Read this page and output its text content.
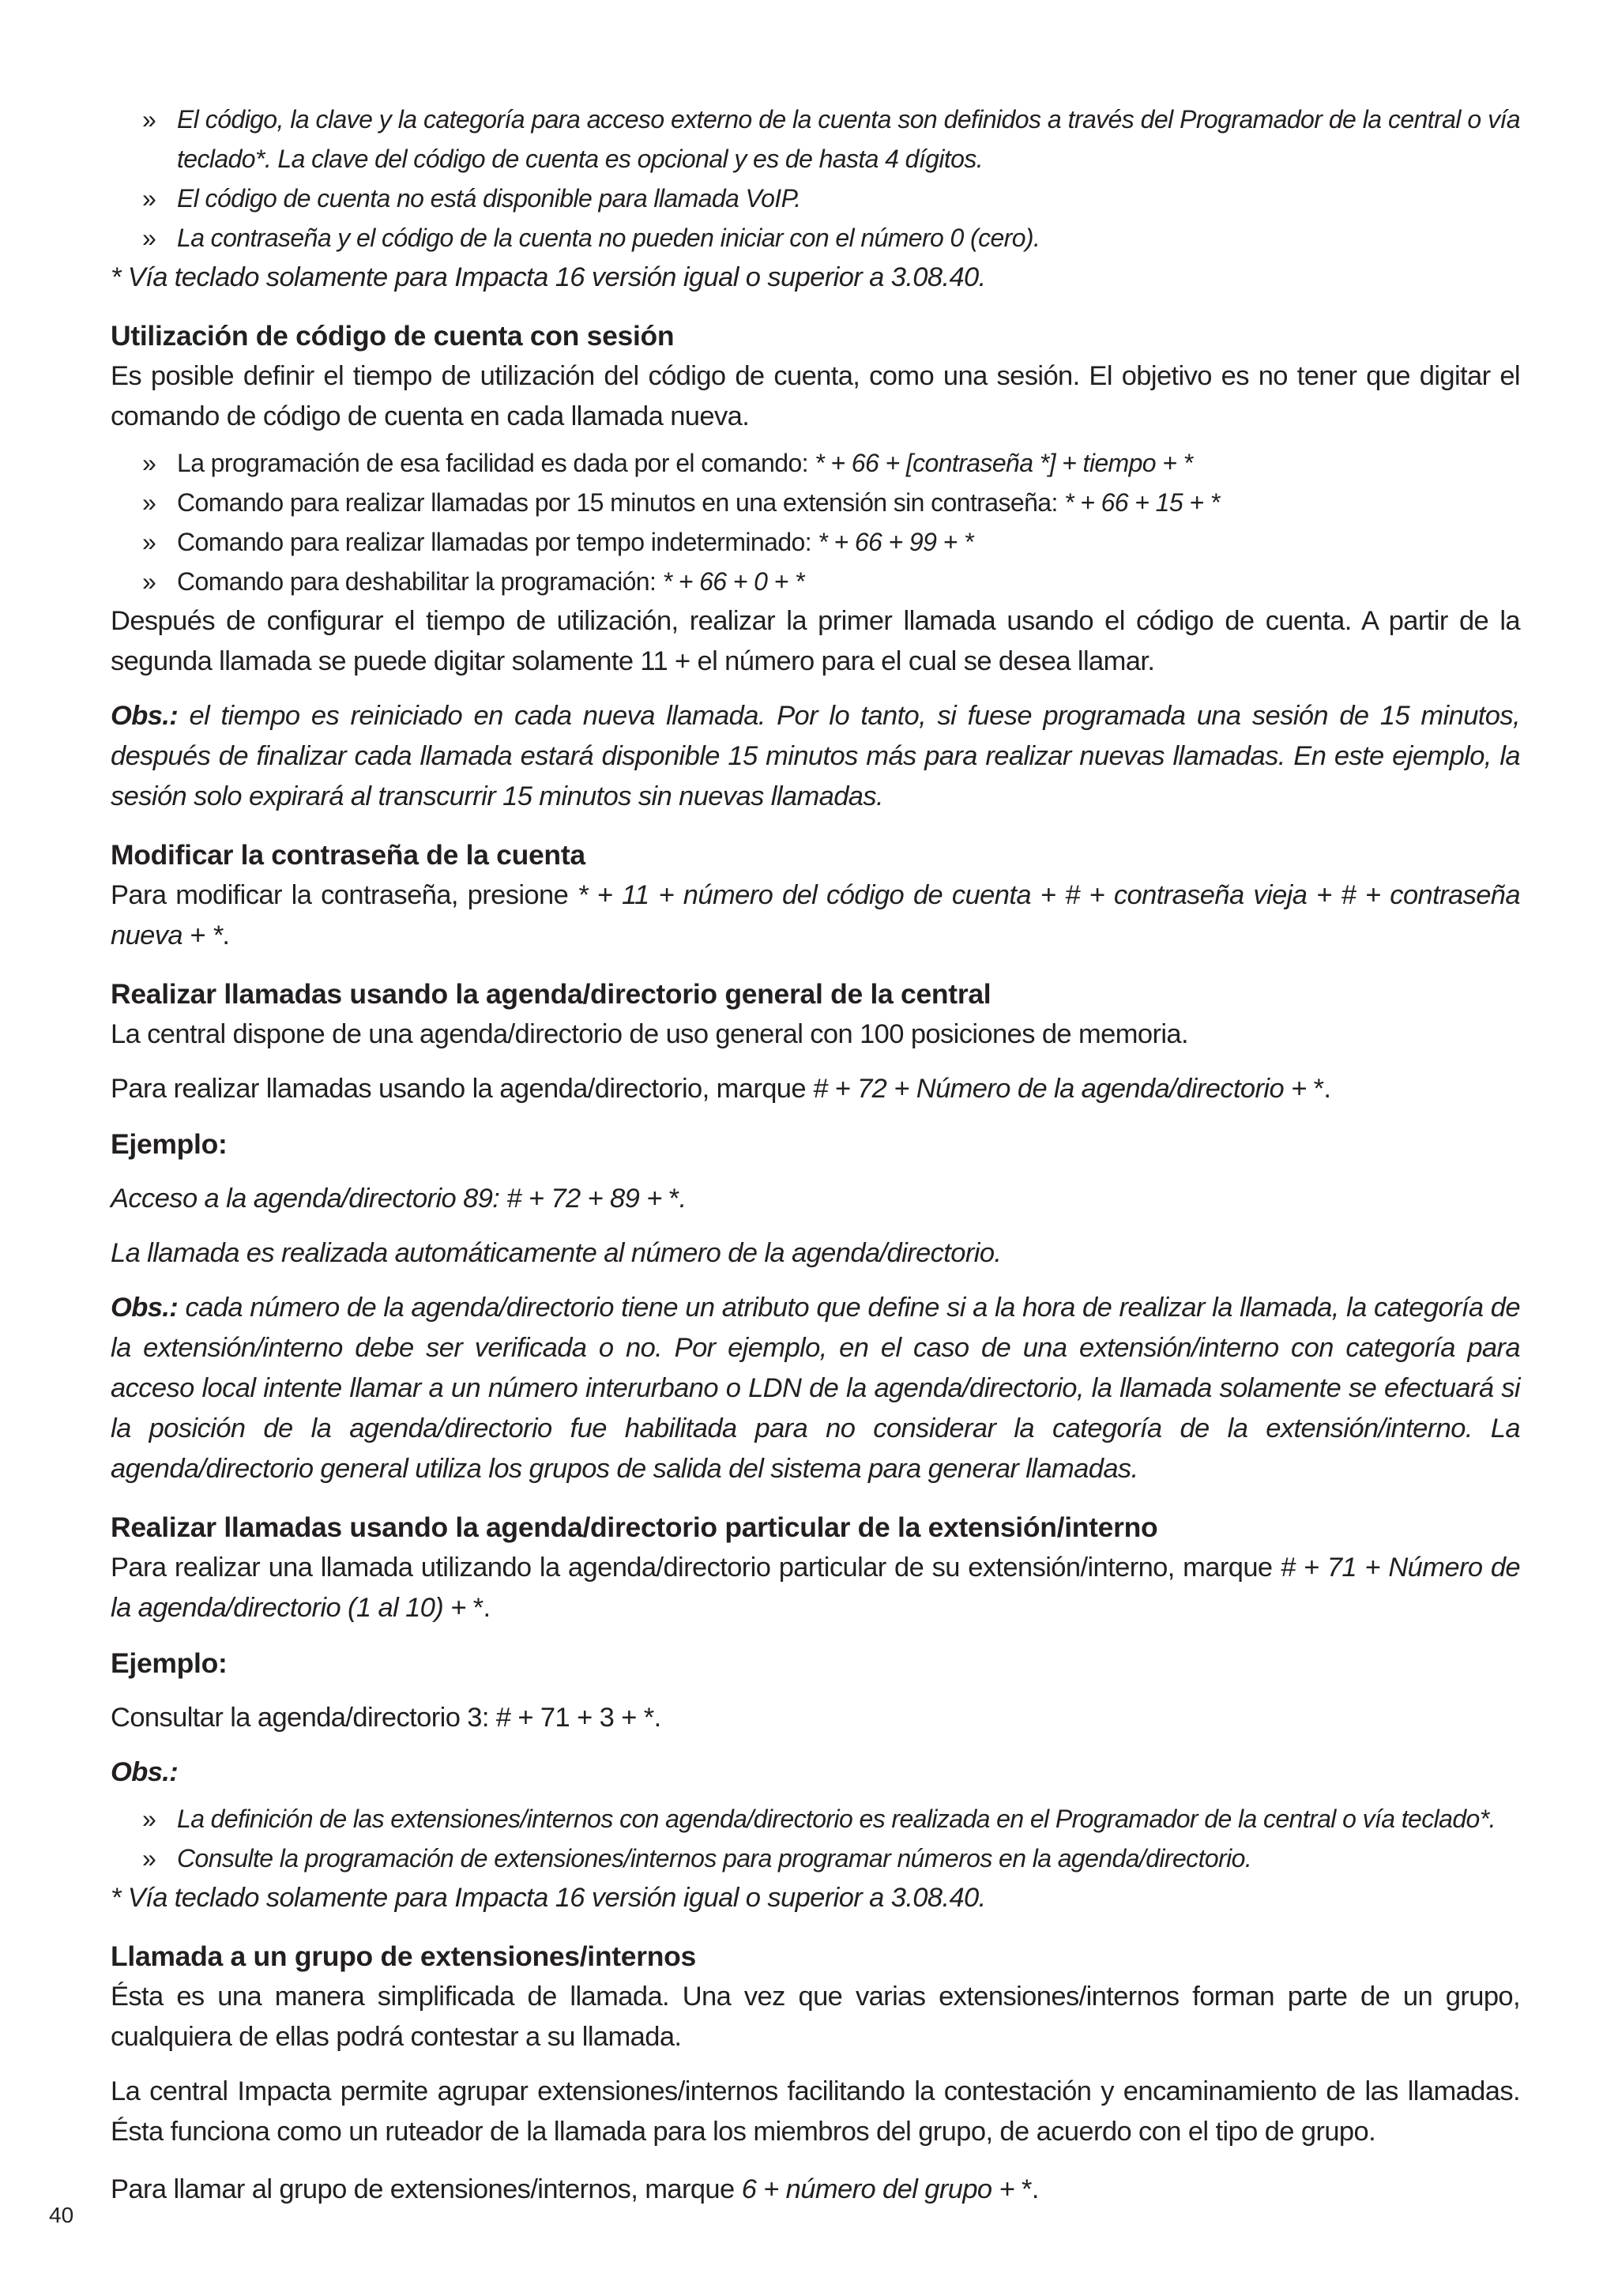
» El código, la clave y la categoría para acceso externo de la cuenta son definidos a través del Programador de la central o vía teclado*. La clave del código de cuenta es opcional y es de hasta 4 dígitos.
» El código de cuenta no está disponible para llamada VoIP.
» La contraseña y el código de la cuenta no pueden iniciar con el número 0 (cero).

* Vía teclado solamente para Impacta 16 versión igual o superior a 3.08.40.

Utilización de código de cuenta con sesión

Es posible definir el tiempo de utilización del código de cuenta, como una sesión. El objetivo es no tener que digitar el comando de código de cuenta en cada llamada nueva.

» La programación de esa facilidad es dada por el comando: * + 66 + [contraseña *] + tiempo + *
» Comando para realizar llamadas por 15 minutos en una extensión sin contraseña: * + 66 + 15 + *
» Comando para realizar llamadas por tempo indeterminado: * + 66 + 99 + *
» Comando para deshabilitar la programación: * + 66 + 0 + *

Después de configurar el tiempo de utilización, realizar la primer llamada usando el código de cuenta. A partir de la segunda llamada se puede digitar solamente 11 + el número para el cual se desea llamar.

Obs.: el tiempo es reiniciado en cada nueva llamada. Por lo tanto, si fuese programada una sesión de 15 minutos, después de finalizar cada llamada estará disponible 15 minutos más para realizar nuevas llamadas. En este ejemplo, la sesión solo expirará al transcurrir 15 minutos sin nuevas llamadas.

Modificar la contraseña de la cuenta

Para modificar la contraseña, presione * + 11 + número del código de cuenta + # + contraseña vieja + # + contraseña nueva + *.

Realizar llamadas usando la agenda/directorio general de la central

La central dispone de una agenda/directorio de uso general con 100 posiciones de memoria.

Para realizar llamadas usando la agenda/directorio, marque # + 72 + Número de la agenda/directorio + *.

Ejemplo:

Acceso a la agenda/directorio 89: # + 72 + 89 + *.

La llamada es realizada automáticamente al número de la agenda/directorio.

Obs.: cada número de la agenda/directorio tiene un atributo que define si a la hora de realizar la llamada, la categoría de la extensión/interno debe ser verificada o no. Por ejemplo, en el caso de una extensión/interno con categoría para acceso local intente llamar a un número interurbano o LDN de la agenda/directorio, la llamada solamente se efectuará si la posición de la agenda/directorio fue habilitada para no considerar la categoría de la extensión/interno. La agenda/directorio general utiliza los grupos de salida del sistema para generar llamadas.

Realizar llamadas usando la agenda/directorio particular de la extensión/interno

Para realizar una llamada utilizando la agenda/directorio particular de su extensión/interno, marque # + 71 + Número de la agenda/directorio (1 al 10) + *.

Ejemplo:

Consultar la agenda/directorio 3: # + 71 + 3 + *.

Obs.:

» La definición de las extensiones/internos con agenda/directorio es realizada en el Programador de la central o vía teclado*.
» Consulte la programación de extensiones/internos para programar números en la agenda/directorio.

* Vía teclado solamente para Impacta 16 versión igual o superior a 3.08.40.

Llamada a un grupo de extensiones/internos

Ésta es una manera simplificada de llamada. Una vez que varias extensiones/internos forman parte de un grupo, cualquiera de ellas podrá contestar a su llamada.

La central Impacta permite agrupar extensiones/internos facilitando la contestación y encaminamiento de las llamadas. Ésta funciona como un ruteador de la llamada para los miembros del grupo, de acuerdo con el tipo de grupo.

Para llamar al grupo de extensiones/internos, marque 6 + número del grupo + *.

40
